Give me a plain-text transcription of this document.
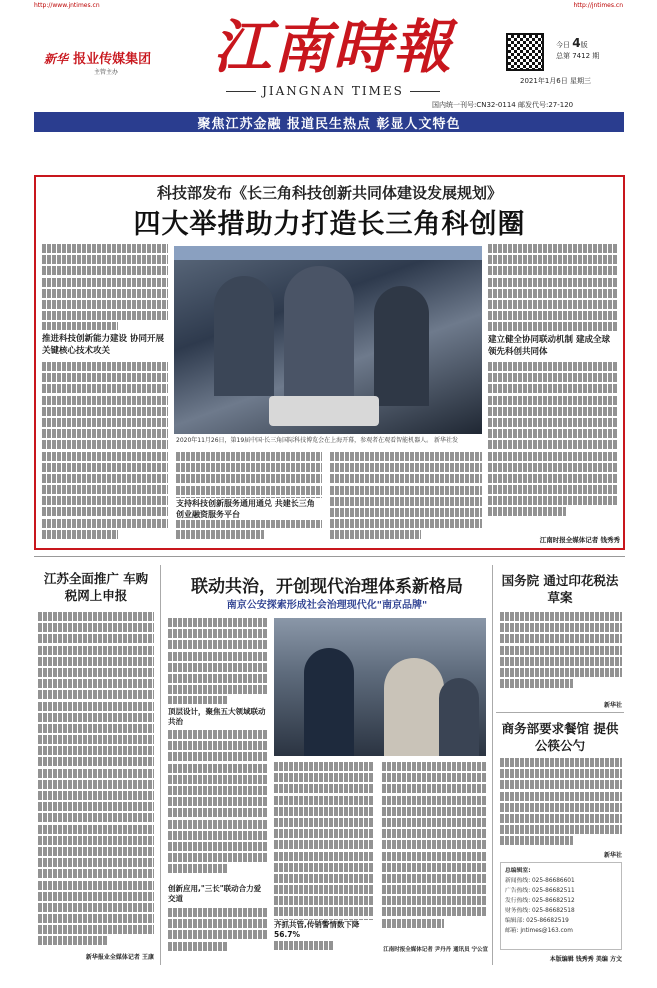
http://www.jntimes.cn	http://jntimes.cn
新华 报业传媒集团
主管主办	江南時報
JIANGNAN TIMES
今日 4版
总第 7412 期
2021年1月6日 星期三
国内统一刊号:CN32-0114 邮发代号:27-120
聚焦江苏金融 报道民生热点 彰显人文特色
科技部发布《长三角科技创新共同体建设发展规划》
四大举措助力打造长三角科创圈
推进科技创新能力建设 协同开展关键核心技术攻关
2020年11月26日，第19届中国·长三角国际科技博览会在上海开幕，参观者在观看智能机器人。 新华社发
建立健全协同联动机制 建成全球领先科创共同体
江南时报全媒体记者 钱秀秀
支持科技创新服务通用通兑 共建长三角创业融资服务平台
江苏全面推广 车购税网上申报
新华报业全媒体记者 王康
联动共治，开创现代治理体系新格局
南京公安探索形成社会治理现代化"南京品牌"
顶层设计，聚焦五大领域联动共治
创新应用,"三长"联动合力爱交道
齐抓共管,传销警情数下降56.7%
江南时报全媒体记者 尹丹丹 通讯员 宁公宣
国务院 通过印花税法草案
新华社
商务部要求餐馆 提供公筷公勺
新华社
总编辑室:
新闻热线: 025-86686601
广告热线: 025-86682511
发行热线: 025-86682512
财务热线: 025-86682518
编辑部: 025-86682519
邮箱: jntimes@163.com
本版编辑 钱秀秀 美编 方文
